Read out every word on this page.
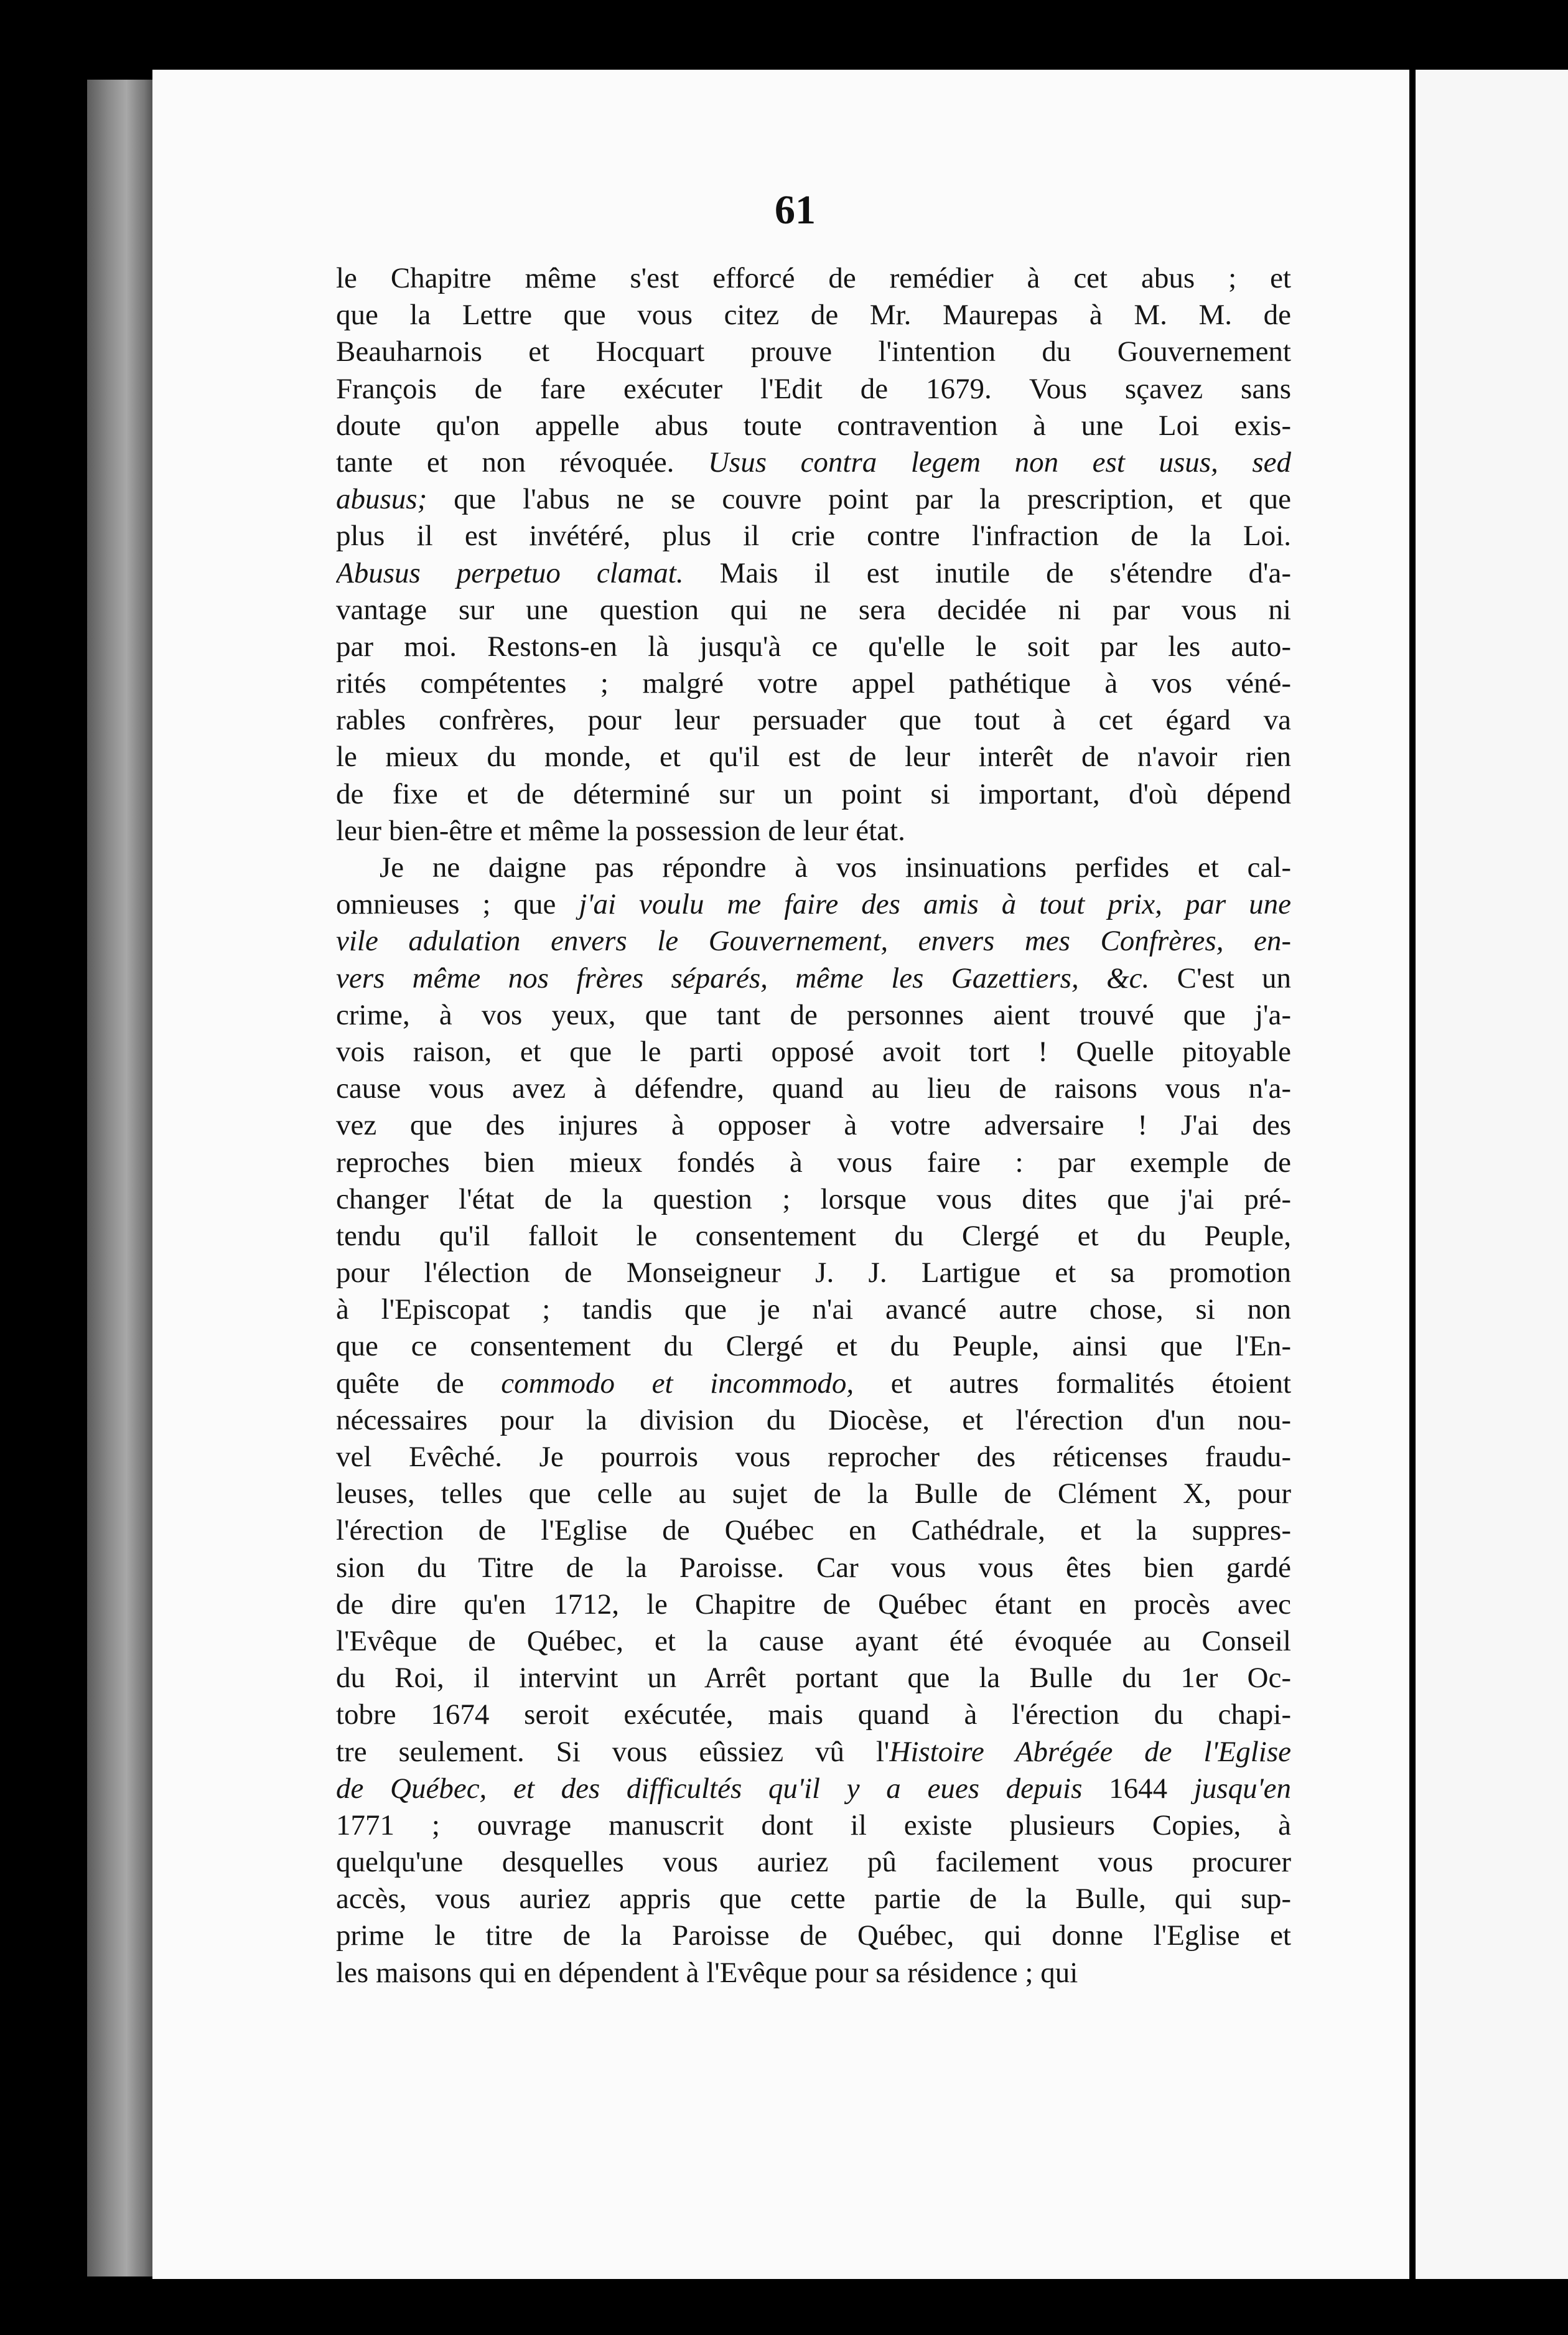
61
le Chapitre même s'est efforcé de remédier à cet abus ; et
que la Lettre que vous citez de Mr. Maurepas à M. M. de
Beauharnois et Hocquart prouve l'intention du Gouvernement
François de fare exécuter l'Edit de 1679. Vous sçavez sans
doute qu'on appelle abus toute contravention à une Loi exis-
tante et non révoquée. Usus contra legem non est usus, sed
abusus; que l'abus ne se couvre point par la prescription, et que
plus il est invétéré, plus il crie contre l'infraction de la Loi.
Abusus perpetuo clamat. Mais il est inutile de s'étendre d'a-
vantage sur une question qui ne sera decidée ni par vous ni
par moi. Restons-en là jusqu'à ce qu'elle le soit par les auto-
rités compétentes ; malgré votre appel pathétique à vos véné-
rables confrères, pour leur persuader que tout à cet égard va
le mieux du monde, et qu'il est de leur interêt de n'avoir rien
de fixe et de déterminé sur un point si important, d'où dépend
leur bien-être et même la possession de leur état.
Je ne daigne pas répondre à vos insinuations perfides et cal-
omnieuses ; que j'ai voulu me faire des amis à tout prix, par une
vile adulation envers le Gouvernement, envers mes Confrères, en-
vers même nos frères séparés, même les Gazettiers, &c. C'est un
crime, à vos yeux, que tant de personnes aient trouvé que j'a-
vois raison, et que le parti opposé avoit tort ! Quelle pitoyable
cause vous avez à défendre, quand au lieu de raisons vous n'a-
vez que des injures à opposer à votre adversaire ! J'ai des
reproches bien mieux fondés à vous faire : par exemple de
changer l'état de la question ; lorsque vous dites que j'ai pré-
tendu qu'il falloit le consentement du Clergé et du Peuple,
pour l'élection de Monseigneur J. J. Lartigue et sa promotion
à l'Episcopat ; tandis que je n'ai avancé autre chose, si non
que ce consentement du Clergé et du Peuple, ainsi que l'En-
quête de commodo et incommodo, et autres formalités étoient
nécessaires pour la division du Diocèse, et l'érection d'un nou-
vel Evêché. Je pourrois vous reprocher des réticenses fraudu-
leuses, telles que celle au sujet de la Bulle de Clément X, pour
l'érection de l'Eglise de Québec en Cathédrale, et la suppres-
sion du Titre de la Paroisse. Car vous vous êtes bien gardé
de dire qu'en 1712, le Chapitre de Québec étant en procès avec
l'Evêque de Québec, et la cause ayant été évoquée au Conseil
du Roi, il intervint un Arrêt portant que la Bulle du 1er Oc-
tobre 1674 seroit exécutée, mais quand à l'érection du chapi-
tre seulement. Si vous eûssiez vû l'Histoire Abrégée de l'Eglise
de Québec, et des difficultés qu'il y a eues depuis 1644 jusqu'en
1771 ; ouvrage manuscrit dont il existe plusieurs Copies, à
quelqu'une desquelles vous auriez pû facilement vous procurer
accès, vous auriez appris que cette partie de la Bulle, qui sup-
prime le titre de la Paroisse de Québec, qui donne l'Eglise et
les maisons qui en dépendent à l'Evêque pour sa résidence ; qui
